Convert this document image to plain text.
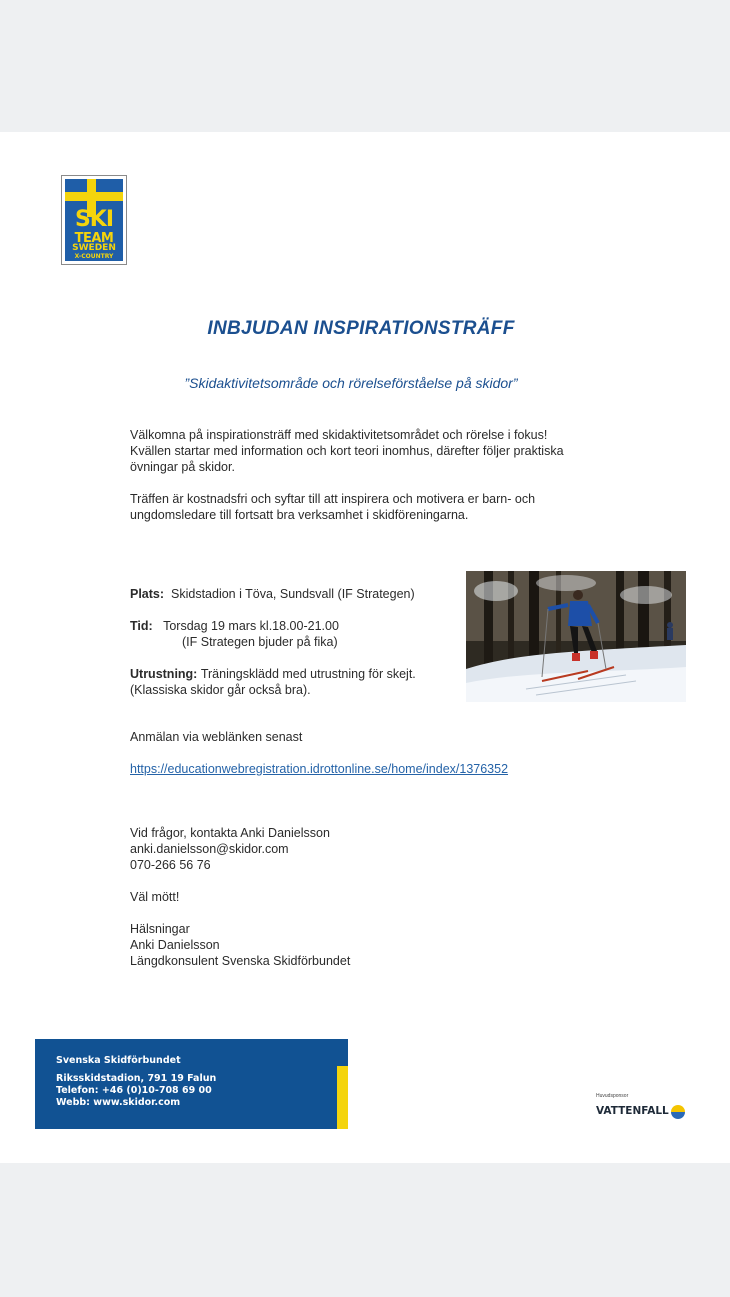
SKI
TEAM
SWEDEN
X-COUNTRY
INBJUDAN INSPIRATIONSTRÄFF
”Skidaktivitetsområde och rörelseförståelse på skidor”
Välkomna på inspirationsträff med skidaktivitetsområdet och rörelse i fokus!
Kvällen startar med information och kort teori inomhus, därefter följer praktiska
övningar på skidor.
Träffen är kostnadsfri och syftar till att inspirera och motivera er barn- och
ungdomsledare till fortsatt bra verksamhet i skidföreningarna.
Plats: Skidstadion i Töva, Sundsvall (IF Strategen)
Tid: Torsdag 19 mars kl.18.00-21.00
(IF Strategen bjuder på fika)
Utrustning: Träningsklädd med utrustning för skejt.
(Klassiska skidor går också bra).
Anmälan via weblänken senast
https://educationwebregistration.idrottonline.se/home/index/1376352
Vid frågor, kontakta Anki Danielsson
anki.danielsson@skidor.com
070-266 56 76
Väl mött!
Hälsningar
Anki Danielsson
Längdkonsulent Svenska Skidförbundet
Svenska Skidförbundet
Riksskidstadion, 791 19 Falun
Telefon: +46 (0)10-708 69 00
Webb: www.skidor.com
Huvudsponsor
VATTENFALL
